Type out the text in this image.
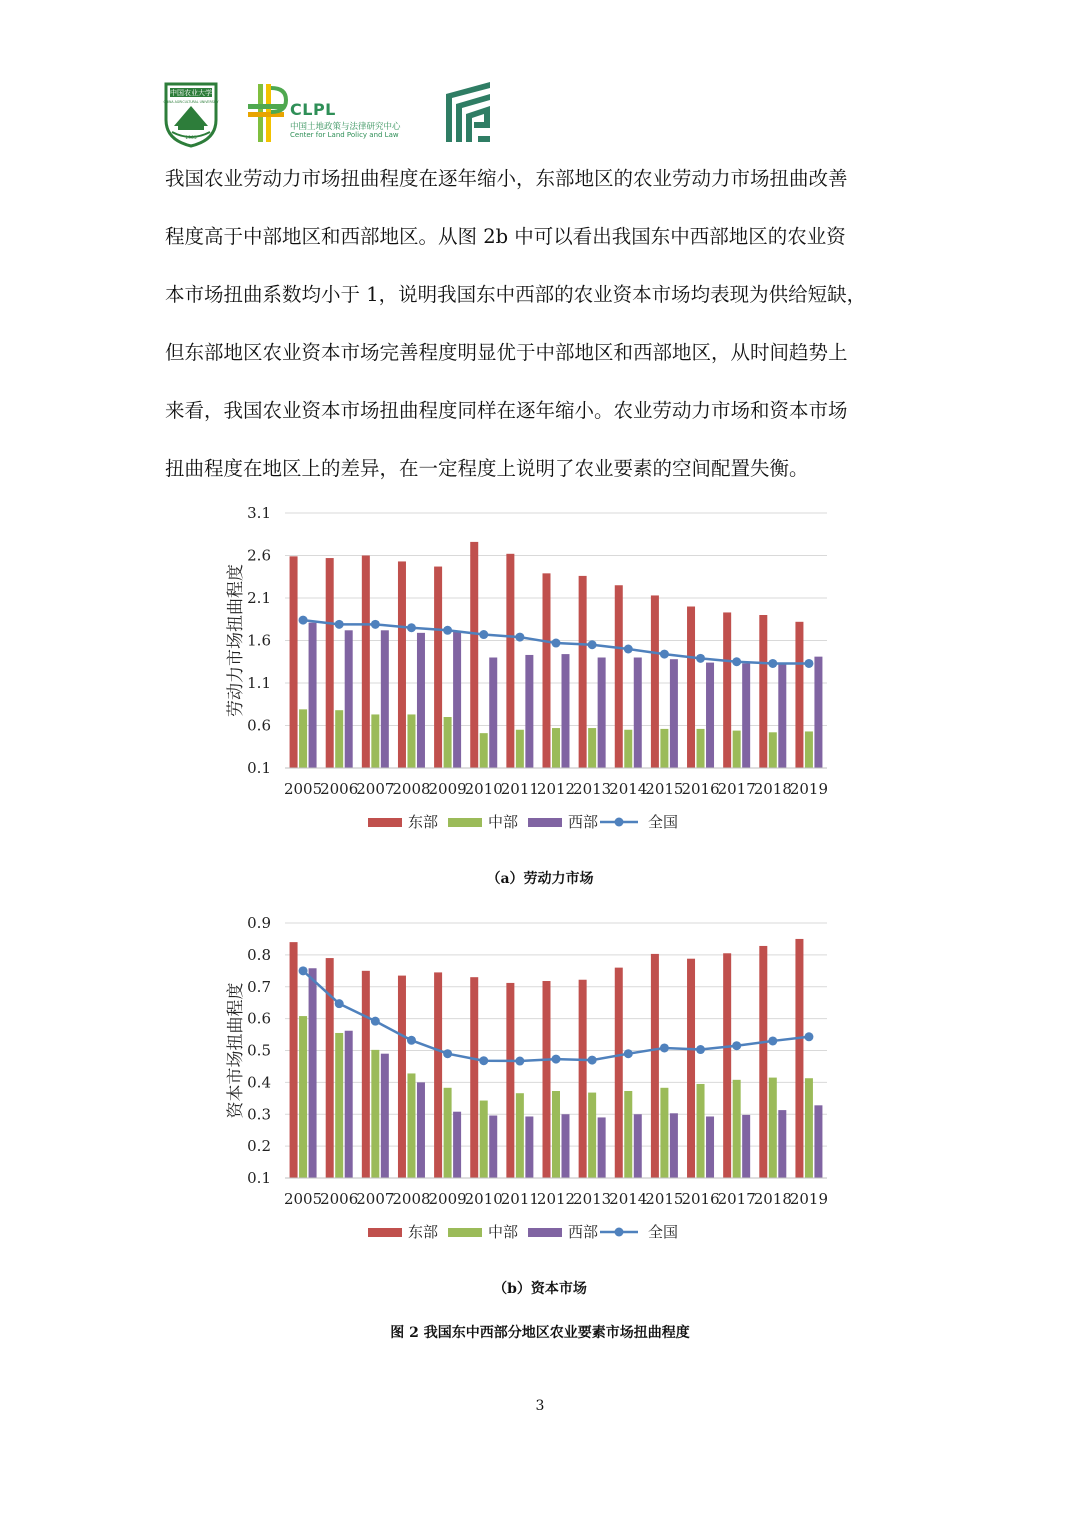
中国农业大学
CHINA AGRICULTURAL UNIVERSITY
1905
CLPL
中国土地政策与法律研究中心
Center for Land Policy and Law
我国农业劳动力市场扭曲程度在逐年缩小，东部地区的农业劳动力市场扭曲改善
程度高于中部地区和西部地区。从图 2b 中可以看出我国东中西部地区的农业资
本市场扭曲系数均小于 1，说明我国东中西部的农业资本市场均表现为供给短缺，
但东部地区农业资本市场完善程度明显优于中部地区和西部地区，从时间趋势上
来看，我国农业资本市场扭曲程度同样在逐年缩小。农业劳动力市场和资本市场
扭曲程度在地区上的差异，在一定程度上说明了农业要素的空间配置失衡。
0.1
0.6
1.1
1.6
2.1
2.6
3.1
劳动力市场扭曲程度
2005
2006
2007
2008
2009
2010
2011
2012
2013
2014
2015
2016
2017
2018
2019
东部	中部	西部	全国
（a）劳动力市场
0.1
0.2
0.3
0.4
0.5
0.6
0.7
0.8
0.9
资本市场扭曲程度
2005
2006
2007
2008
2009
2010
2011
2012
2013
2014
2015
2016
2017
2018
2019
东部	中部	西部	全国
（b）资本市场
图 2 我国东中西部分地区农业要素市场扭曲程度
3
